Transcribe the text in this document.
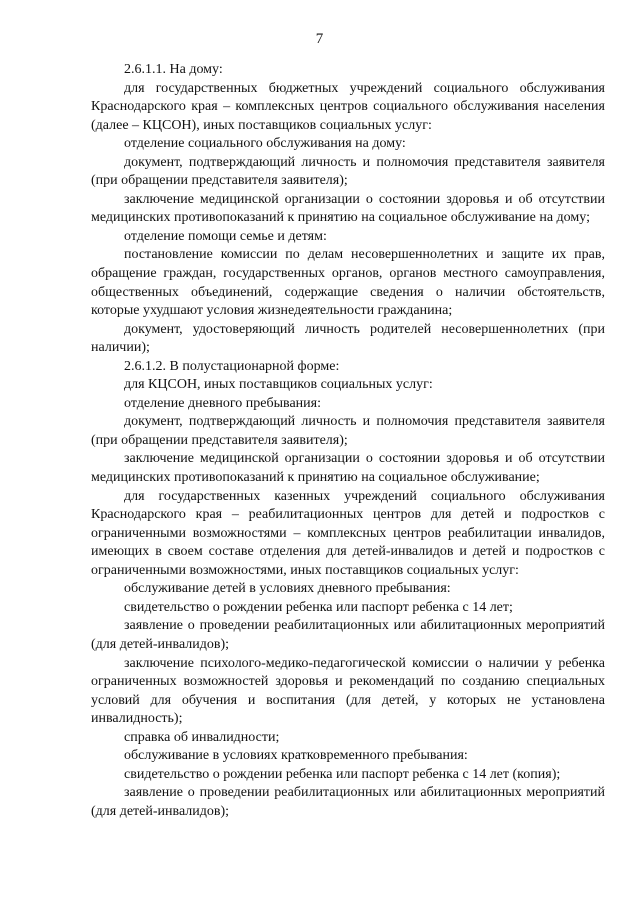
7

2.6.1.1. На дому:

для государственных бюджетных учреждений социального обслуживания Краснодарского края – комплексных центров социального обслуживания населения (далее – КЦСОН), иных поставщиков социальных услуг:

отделение социального обслуживания на дому:

документ, подтверждающий личность и полномочия представителя заявителя (при обращении представителя заявителя);

заключение медицинской организации о состоянии здоровья и об отсутствии медицинских противопоказаний к принятию на социальное обслуживание на дому;

отделение помощи семье и детям:

постановление комиссии по делам несовершеннолетних и защите их прав, обращение граждан, государственных органов, органов местного самоуправления, общественных объединений, содержащие сведения о наличии обстоятельств, которые ухудшают условия жизнедеятельности гражданина;

документ, удостоверяющий личность родителей несовершеннолетних (при наличии);

2.6.1.2. В полустационарной форме:

для КЦСОН, иных поставщиков социальных услуг:

отделение дневного пребывания:

документ, подтверждающий личность и полномочия представителя заявителя (при обращении представителя заявителя);

заключение медицинской организации о состоянии здоровья и об отсутствии медицинских противопоказаний к принятию на социальное обслуживание;

для государственных казенных учреждений социального обслуживания Краснодарского края – реабилитационных центров для детей и подростков с ограниченными возможностями – комплексных центров реабилитации инвалидов, имеющих в своем составе отделения для детей-инвалидов и детей и подростков с ограниченными возможностями, иных поставщиков социальных услуг:

обслуживание детей в условиях дневного пребывания:

свидетельство о рождении ребенка или паспорт ребенка с 14 лет;

заявление о проведении реабилитационных или абилитационных мероприятий (для детей-инвалидов);

заключение психолого-медико-педагогической комиссии о наличии у ребенка ограниченных возможностей здоровья и рекомендаций по созданию специальных условий для обучения и воспитания (для детей, у которых не установлена инвалидность);

справка об инвалидности;

обслуживание в условиях кратковременного пребывания:

свидетельство о рождении ребенка или паспорт ребенка с 14 лет (копия);

заявление о проведении реабилитационных или абилитационных мероприятий (для детей-инвалидов);
